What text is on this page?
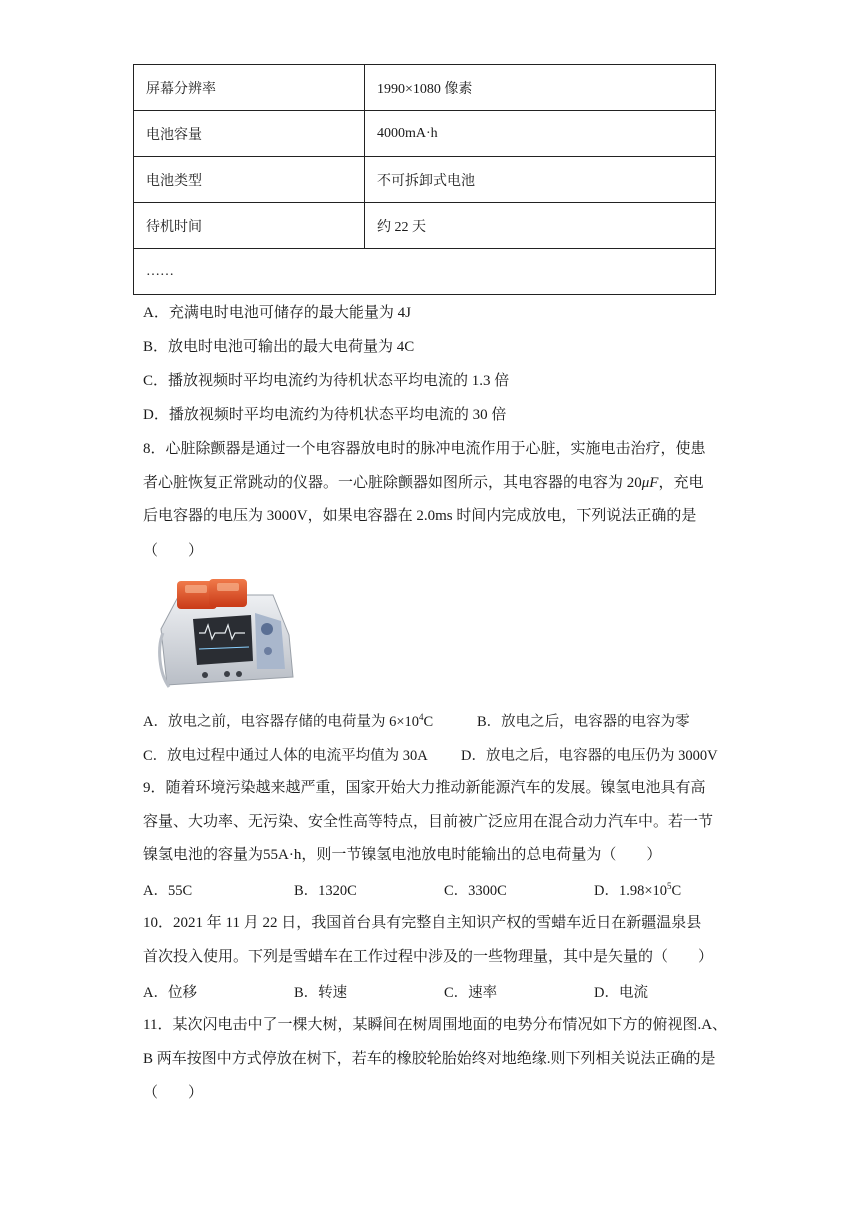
屏幕分辨率	1990×1080 像素
电池容量	4000mA·h
电池类型	不可拆卸式电池
待机时间	约 22 天
……	
A．充满电时电池可储存的最大能量为 4J
B．放电时电池可输出的最大电荷量为 4C
C．播放视频时平均电流约为待机状态平均电流的 1.3 倍
D．播放视频时平均电流约为待机状态平均电流的 30 倍
8．心脏除颤器是通过一个电容器放电时的脉冲电流作用于心脏，实施电击治疗，使患
者心脏恢复正常跳动的仪器。一心脏除颤器如图所示，其电容器的电容为 20μF，充电
后电容器的电压为 3000V，如果电容器在 2.0ms 时间内完成放电，下列说法正确的是
（　　）
A．放电之前，电容器存储的电荷量为 $6\times 10^4C$	B．放电之后，电容器的电容为零
C．放电过程中通过人体的电流平均值为 30A D．放电之后，电容器的电压仍为 3000V
9．随着环境污染越来越严重，国家开始大力推动新能源汽车的发展。镍氢电池具有高
容量、大功率、无污染、安全性高等特点，目前被广泛应用在混合动力汽车中。若一节
镍氢电池的容量为55A·h，则一节镍氢电池放电时能输出的总电荷量为（　　）
A．55C	B．1320C	C．3300C	D．$1.98\times 10^5C$
10．2021 年 11 月 22 日，我国首台具有完整自主知识产权的雪蜡车近日在新疆温泉县
首次投入使用。下列是雪蜡车在工作过程中涉及的一些物理量，其中是矢量的（　　）
A．位移	B．转速	C．速率	D．电流
11．某次闪电击中了一棵大树，某瞬间在树周围地面的电势分布情况如下方的俯视图.A、
B 两车按图中方式停放在树下，若车的橡胶轮胎始终对地绝缘.则下列相关说法正确的是
（　　）
